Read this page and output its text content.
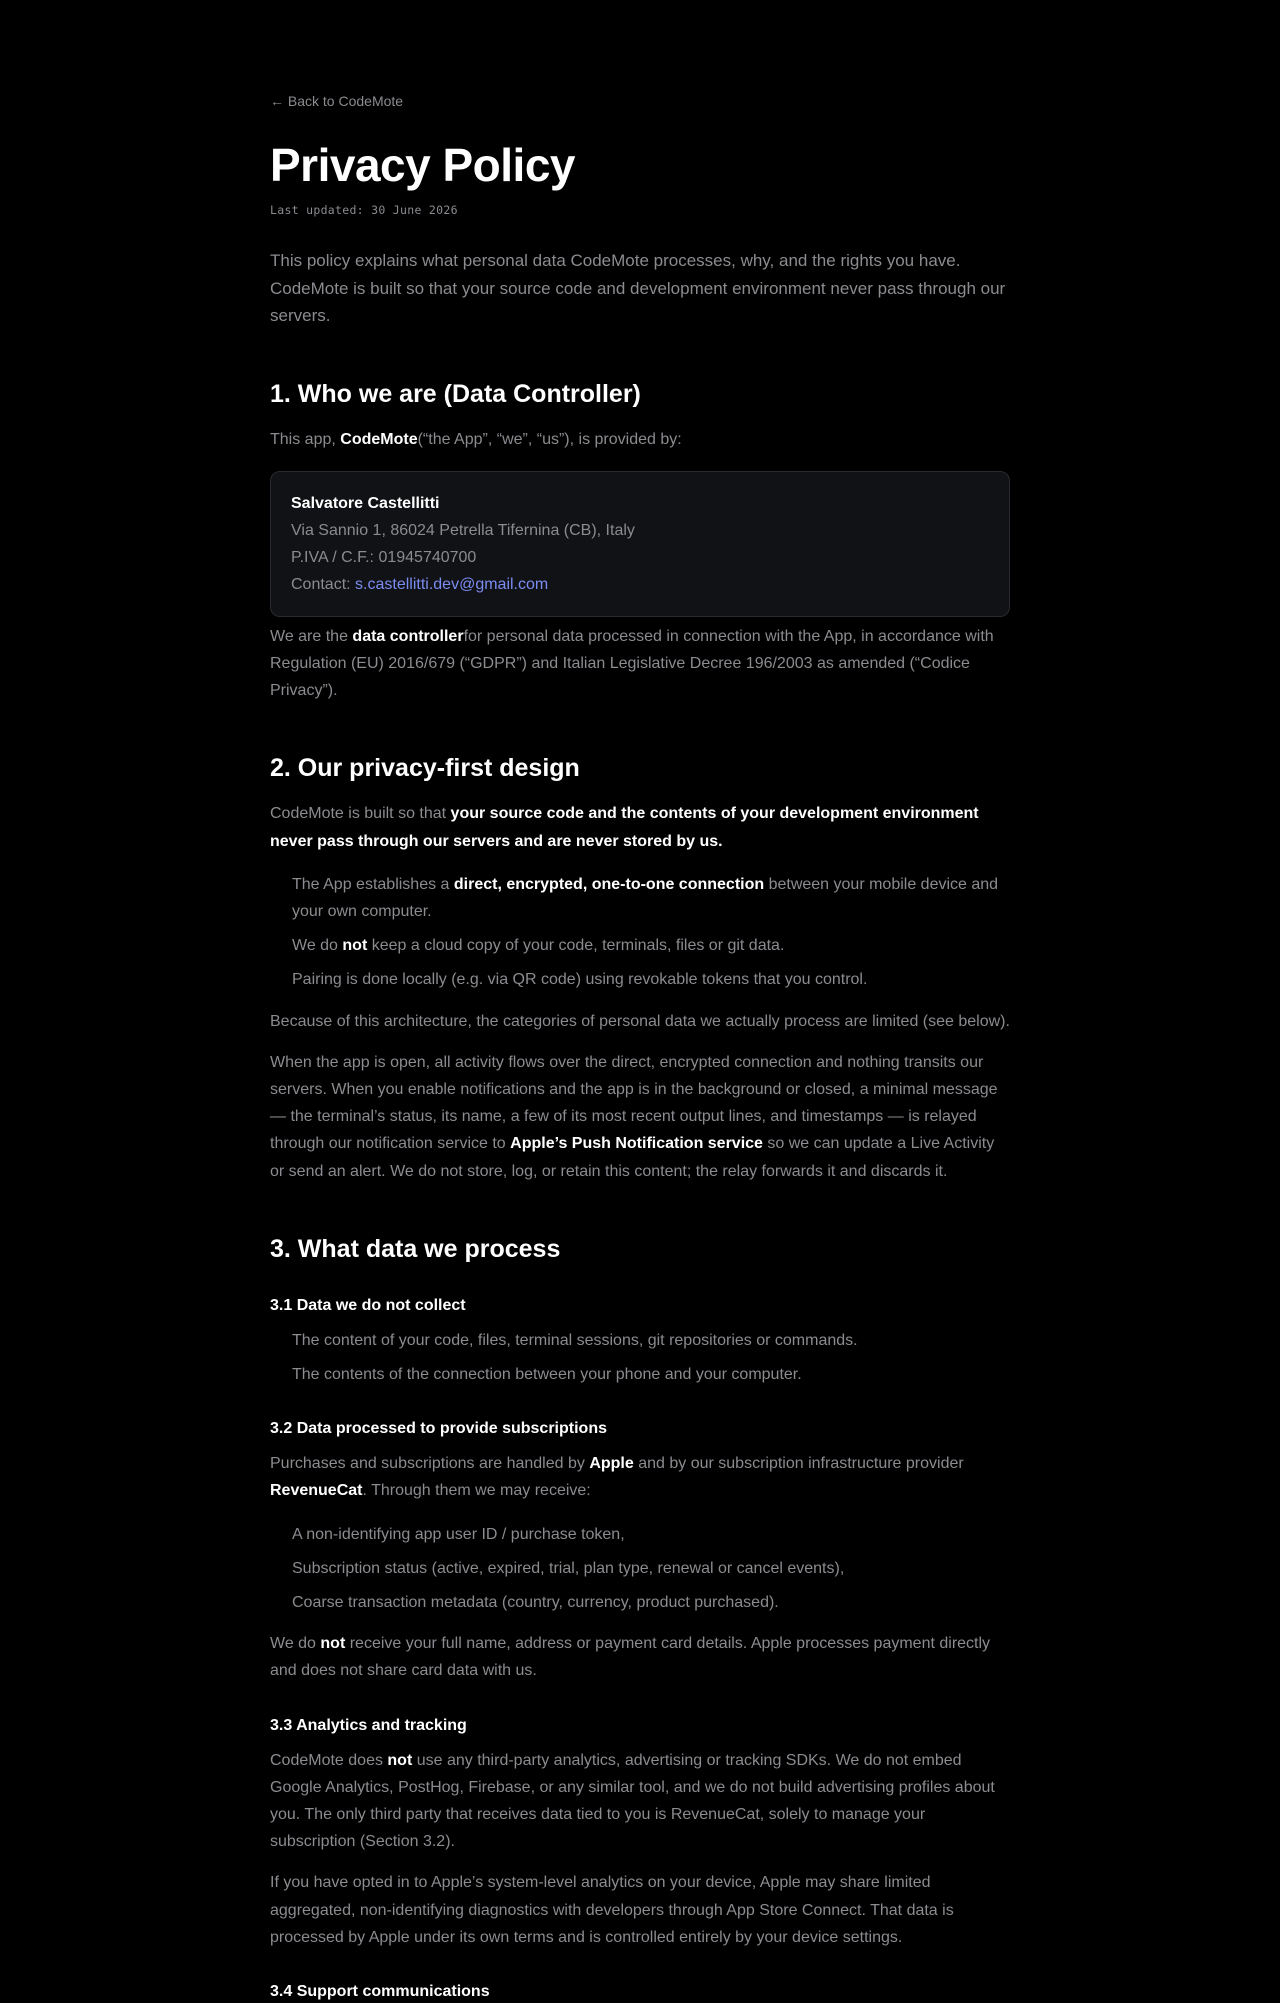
← Back to CodeMote
Privacy Policy
Last updated: 30 June 2026

This policy explains what personal data CodeMote processes, why, and the rights you have. CodeMote is built so that your source code and development environment never pass through our servers.

1. Who we are (Data Controller)

This app, CodeMote(“the App”, “we”, “us”), is provided by:

Salvatore Castellitti
Via Sannio 1, 86024 Petrella Tifernina (CB), Italy
P.IVA / C.F.: 01945740700
Contact: s.castellitti.dev@gmail.com

We are the data controllerfor personal data processed in connection with the App, in accordance with Regulation (EU) 2016/679 (“GDPR”) and Italian Legislative Decree 196/2003 as amended (“Codice Privacy”).

2. Our privacy-first design

CodeMote is built so that your source code and the contents of your development environment never pass through our servers and are never stored by us.

The App establishes a direct, encrypted, one-to-one connection between your mobile device and your own computer.
We do not keep a cloud copy of your code, terminals, files or git data.
Pairing is done locally (e.g. via QR code) using revokable tokens that you control.

Because of this architecture, the categories of personal data we actually process are limited (see below).

When the app is open, all activity flows over the direct, encrypted connection and nothing transits our servers. When you enable notifications and the app is in the background or closed, a minimal message — the terminal’s status, its name, a few of its most recent output lines, and timestamps — is relayed through our notification service to Apple’s Push Notification service so we can update a Live Activity or send an alert. We do not store, log, or retain this content; the relay forwards it and discards it.

3. What data we process
3.1 Data we do not collect
The content of your code, files, terminal sessions, git repositories or commands.
The contents of the connection between your phone and your computer.
3.2 Data processed to provide subscriptions

Purchases and subscriptions are handled by Apple and by our subscription infrastructure provider RevenueCat. Through them we may receive:

A non-identifying app user ID / purchase token,
Subscription status (active, expired, trial, plan type, renewal or cancel events),
Coarse transaction metadata (country, currency, product purchased).

We do not receive your full name, address or payment card details. Apple processes payment directly and does not share card data with us.

3.3 Analytics and tracking

CodeMote does not use any third-party analytics, advertising or tracking SDKs. We do not embed Google Analytics, PostHog, Firebase, or any similar tool, and we do not build advertising profiles about you. The only third party that receives data tied to you is RevenueCat, solely to manage your subscription (Section 3.2).

If you have opted in to Apple’s system-level analytics on your device, Apple may share limited aggregated, non-identifying diagnostics with developers through App Store Connect. That data is processed by Apple under its own terms and is controlled entirely by your device settings.

3.4 Support communications
